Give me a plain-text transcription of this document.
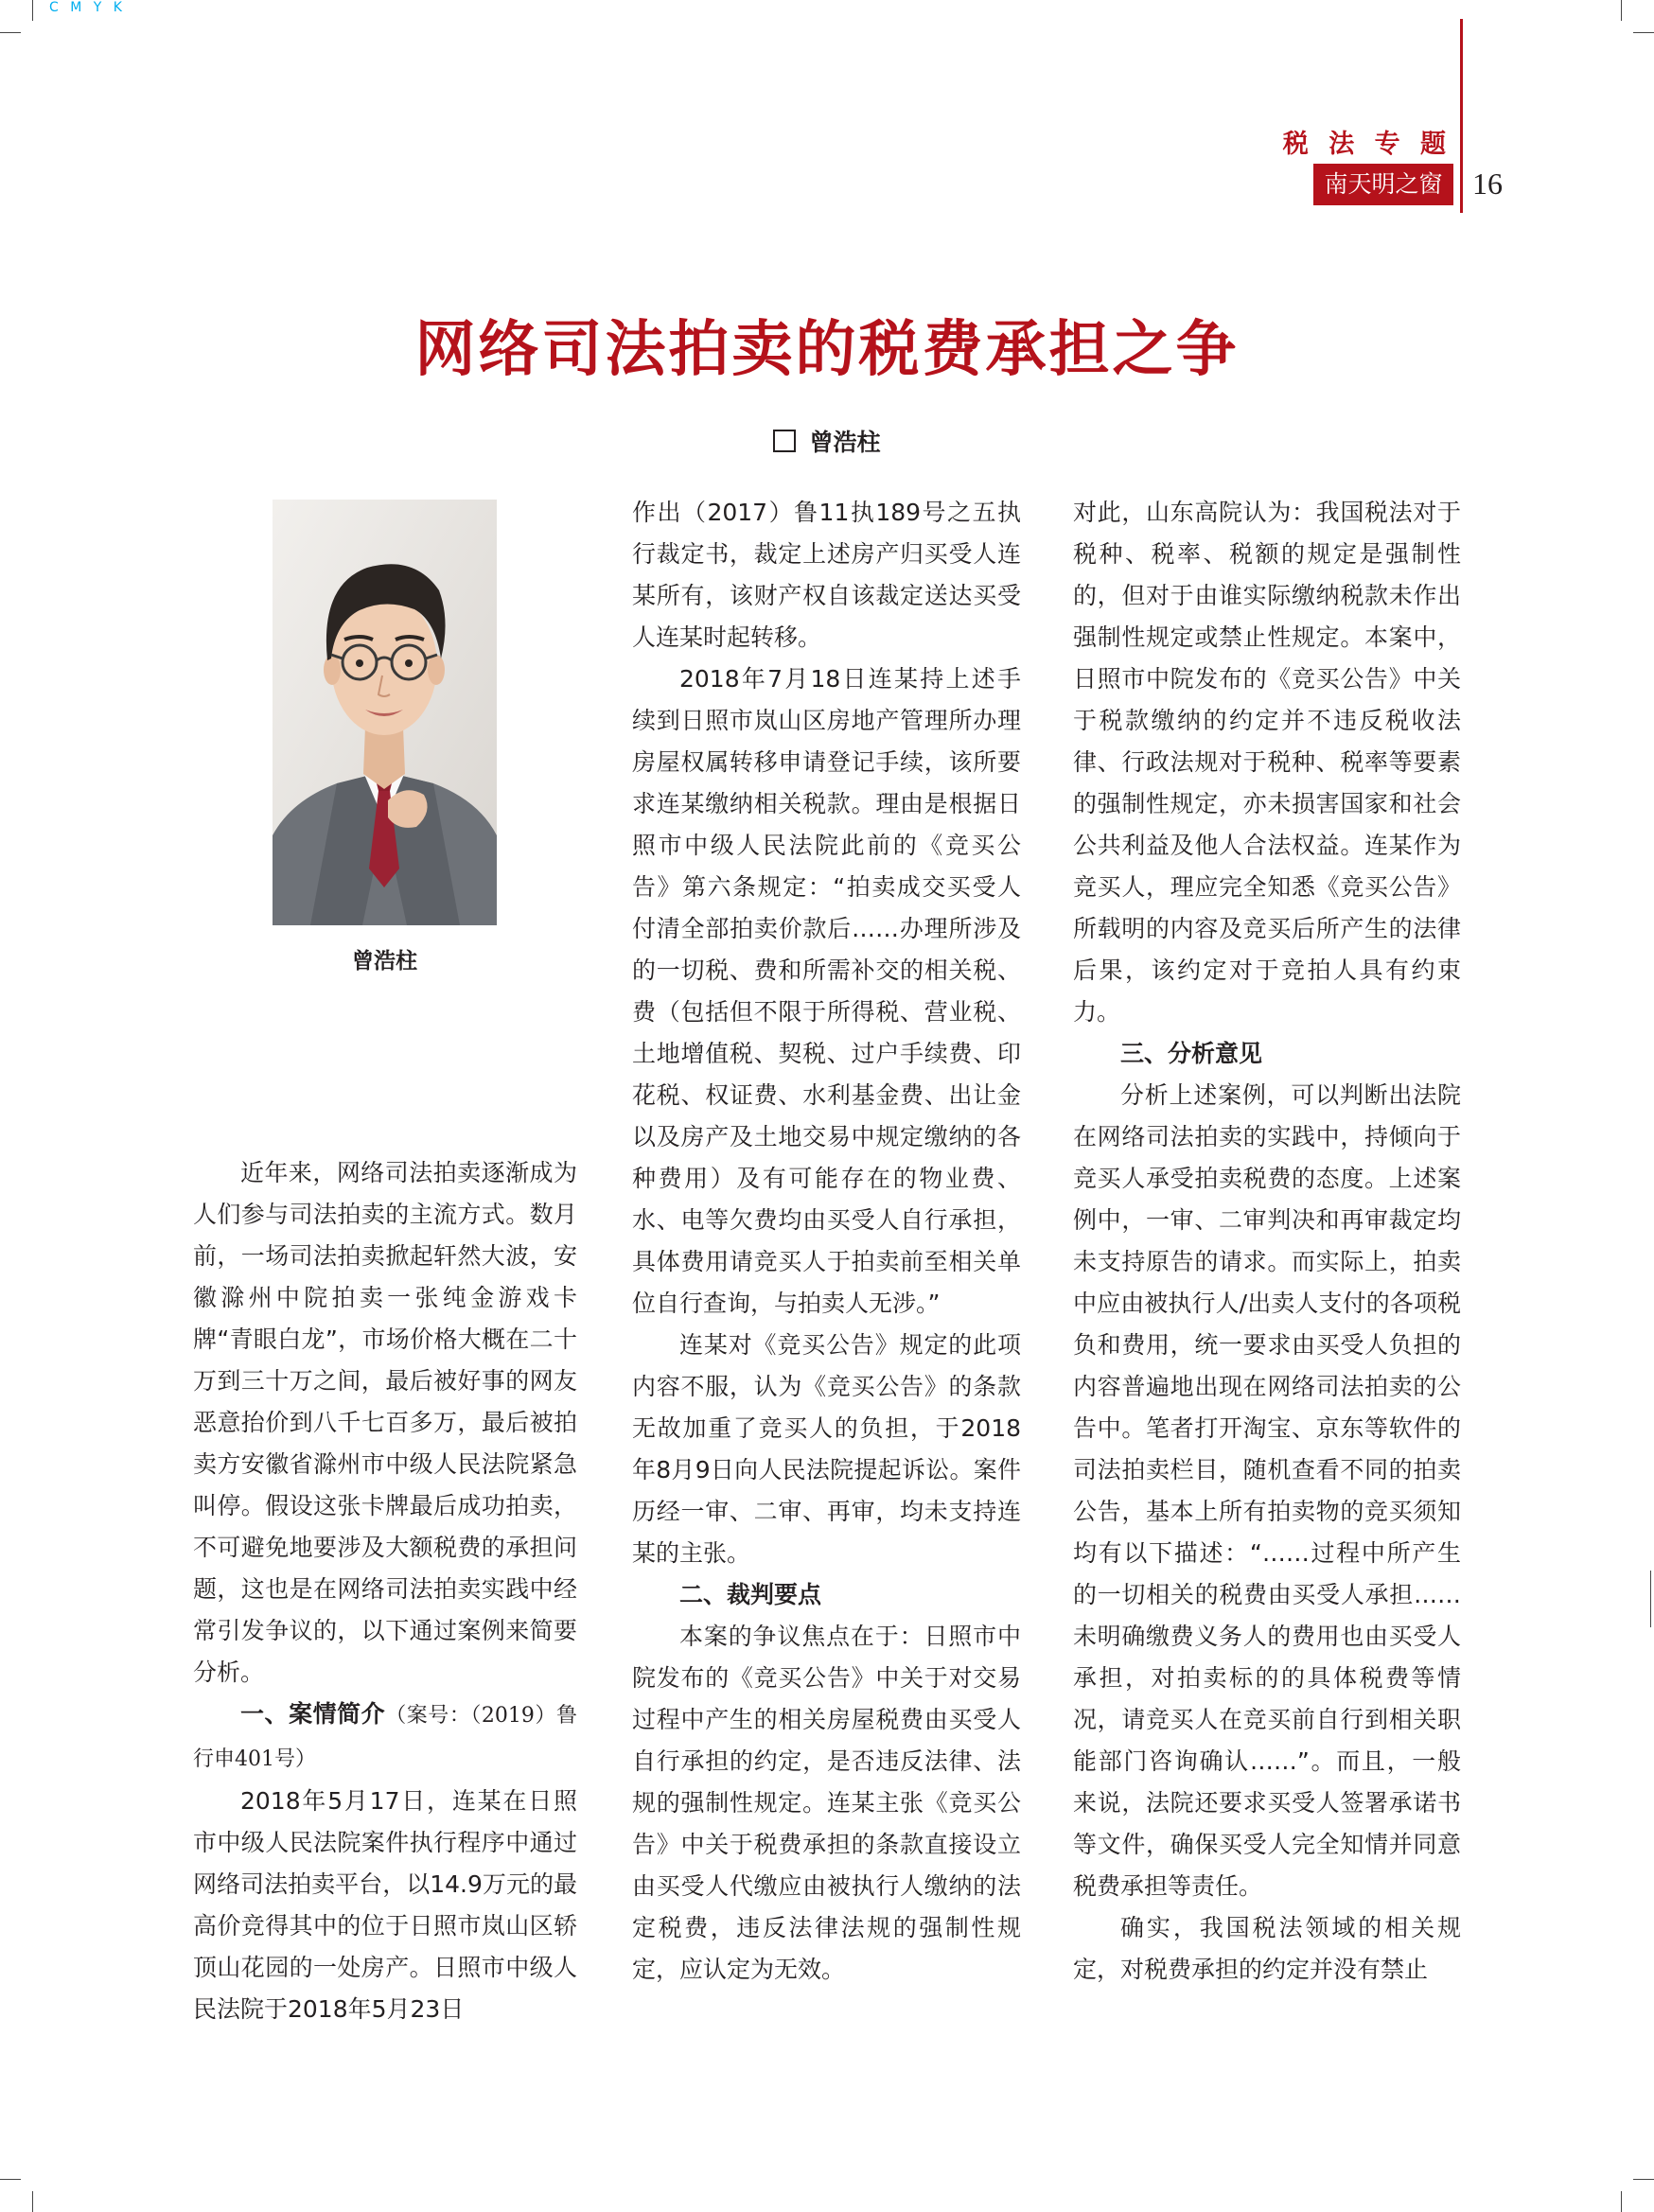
C M Y K
税 法 专 题
南天明之窗 16
网络司法拍卖的税费承担之争
曾浩柱
曾浩柱

近年来，网络司法拍卖逐渐成为人们参与司法拍卖的主流方式。数月前，一场司法拍卖掀起轩然大波，安徽滁州中院拍卖一张纯金游戏卡牌“青眼白龙”，市场价格大概在二十万到三十万之间，最后被好事的网友恶意抬价到八千七百多万，最后被拍卖方安徽省滁州市中级人民法院紧急叫停。假设这张卡牌最后成功拍卖，不可避免地要涉及大额税费的承担问题，这也是在网络司法拍卖实践中经常引发争议的，以下通过案例来简要分析。

一、案情简介（案号：（2019）鲁行申401号）

2018年5月17日，连某在日照市中级人民法院案件执行程序中通过网络司法拍卖平台，以14.9万元的最高价竞得其中的位于日照市岚山区轿顶山花园的一处房产。日照市中级人民法院于2018年5月23日

作出（2017）鲁11执189号之五执行裁定书，裁定上述房产归买受人连某所有，该财产权自该裁定送达买受人连某时起转移。

2018年7月18日连某持上述手续到日照市岚山区房地产管理所办理房屋权属转移申请登记手续，该所要求连某缴纳相关税款。理由是根据日照市中级人民法院此前的《竞买公告》第六条规定：“拍卖成交买受人付清全部拍卖价款后……办理所涉及的一切税、费和所需补交的相关税、费（包括但不限于所得税、营业税、土地增值税、契税、过户手续费、印花税、权证费、水利基金费、出让金以及房产及土地交易中规定缴纳的各种费用）及有可能存在的物业费、水、电等欠费均由买受人自行承担，具体费用请竞买人于拍卖前至相关单位自行查询，与拍卖人无涉。”

连某对《竞买公告》规定的此项内容不服，认为《竞买公告》的条款无故加重了竞买人的负担，于2018年8月9日向人民法院提起诉讼。案件历经一审、二审、再审，均未支持连某的主张。

二、裁判要点

本案的争议焦点在于：日照市中院发布的《竞买公告》中关于对交易过程中产生的相关房屋税费由买受人自行承担的约定，是否违反法律、法规的强制性规定。连某主张《竞买公告》中关于税费承担的条款直接设立由买受人代缴应由被执行人缴纳的法定税费，违反法律法规的强制性规定，应认定为无效。

对此，山东高院认为：我国税法对于税种、税率、税额的规定是强制性的，但对于由谁实际缴纳税款未作出强制性规定或禁止性规定。本案中，日照市中院发布的《竞买公告》中关于税款缴纳的约定并不违反税收法律、行政法规对于税种、税率等要素的强制性规定，亦未损害国家和社会公共利益及他人合法权益。连某作为竞买人，理应完全知悉《竞买公告》所载明的内容及竞买后所产生的法律后果，该约定对于竞拍人具有约束力。

三、分析意见

分析上述案例，可以判断出法院在网络司法拍卖的实践中，持倾向于竞买人承受拍卖税费的态度。上述案例中，一审、二审判决和再审裁定均未支持原告的请求。而实际上，拍卖中应由被执行人/出卖人支付的各项税负和费用，统一要求由买受人负担的内容普遍地出现在网络司法拍卖的公告中。笔者打开淘宝、京东等软件的司法拍卖栏目，随机查看不同的拍卖公告，基本上所有拍卖物的竞买须知均有以下描述：“……过程中所产生的一切相关的税费由买受人承担……未明确缴费义务人的费用也由买受人承担，对拍卖标的的具体税费等情况，请竞买人在竞买前自行到相关职能部门咨询确认……”。而且，一般来说，法院还要求买受人签署承诺书等文件，确保买受人完全知情并同意税费承担等责任。

确实，我国税法领域的相关规定，对税费承担的约定并没有禁止
